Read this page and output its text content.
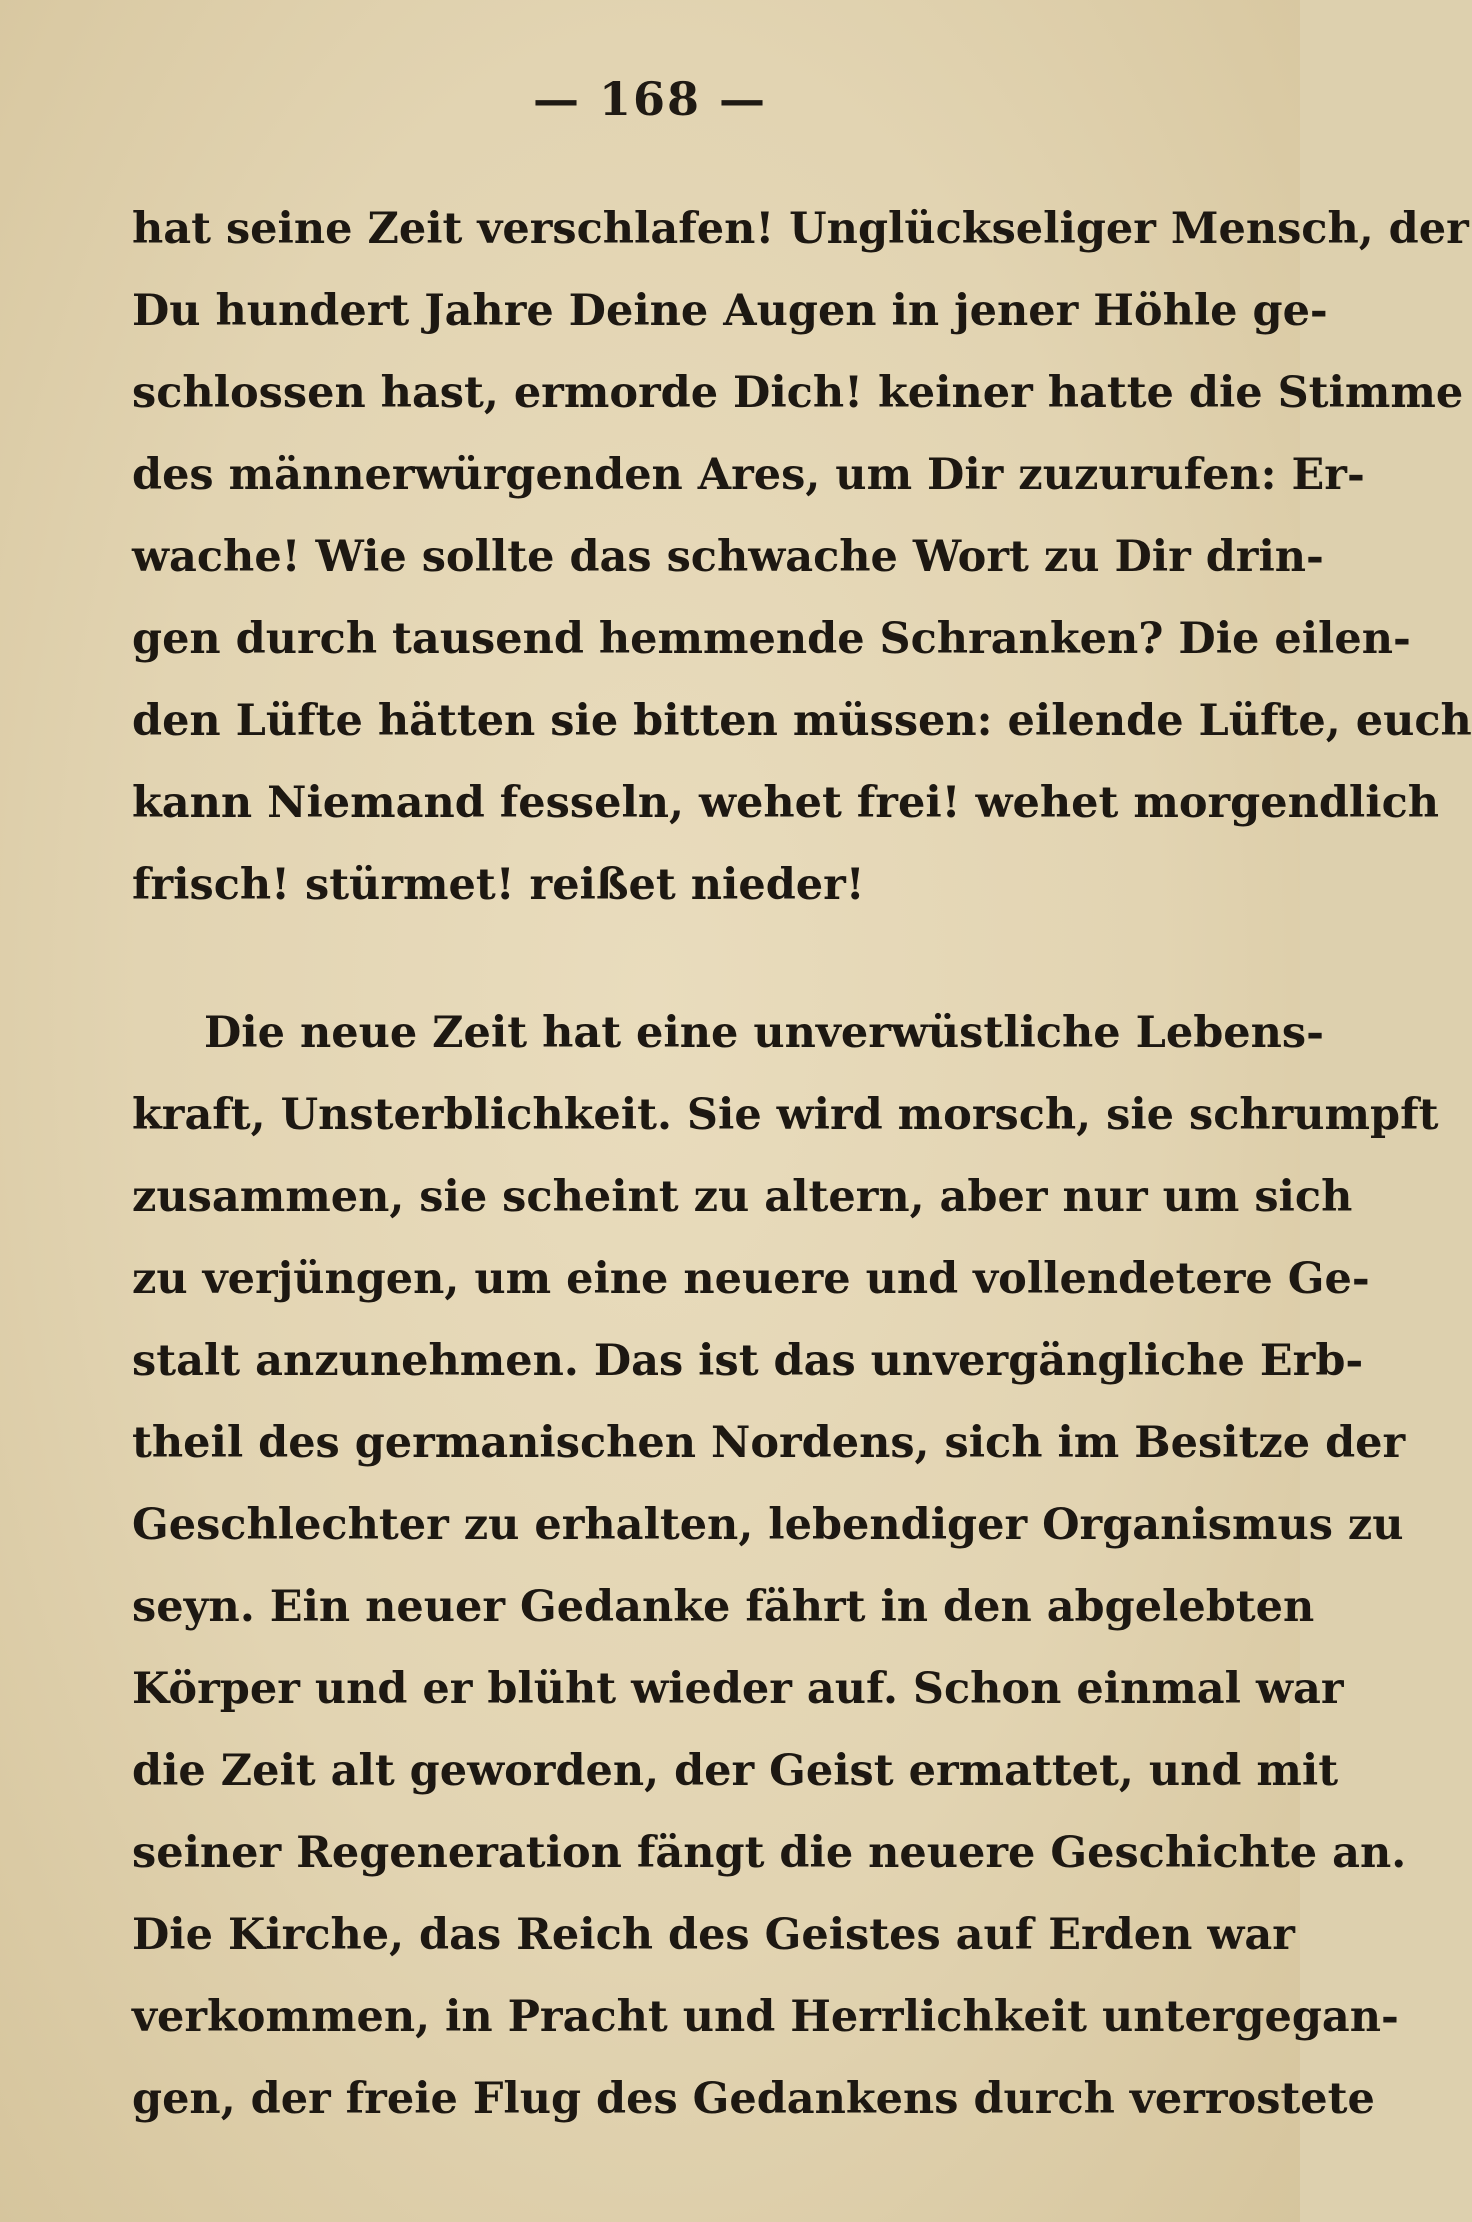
— 168 —
hat seine Zeit verschlafen! Unglückseliger Mensch, der
Du hundert Jahre Deine Augen in jener Höhle ge-
schlossen hast, ermorde Dich! keiner hatte die Stimme
des männerwürgenden Ares, um Dir zuzurufen: Er-
wache! Wie sollte das schwache Wort zu Dir drin-
gen durch tausend hemmende Schranken? Die eilen-
den Lüfte hätten sie bitten müssen: eilende Lüfte, euch
kann Niemand fesseln, wehet frei! wehet morgendlich
frisch! stürmet! reißet nieder!
Die neue Zeit hat eine unverwüstliche Lebens-
kraft, Unsterblichkeit. Sie wird morsch, sie schrumpft
zusammen, sie scheint zu altern, aber nur um sich
zu verjüngen, um eine neuere und vollendetere Ge-
stalt anzunehmen. Das ist das unvergängliche Erb-
theil des germanischen Nordens, sich im Besitze der
Geschlechter zu erhalten, lebendiger Organismus zu
seyn. Ein neuer Gedanke fährt in den abgelebten
Körper und er blüht wieder auf. Schon einmal war
die Zeit alt geworden, der Geist ermattet, und mit
seiner Regeneration fängt die neuere Geschichte an.
Die Kirche, das Reich des Geistes auf Erden war
verkommen, in Pracht und Herrlichkeit untergegan-
gen, der freie Flug des Gedankens durch verrostete
